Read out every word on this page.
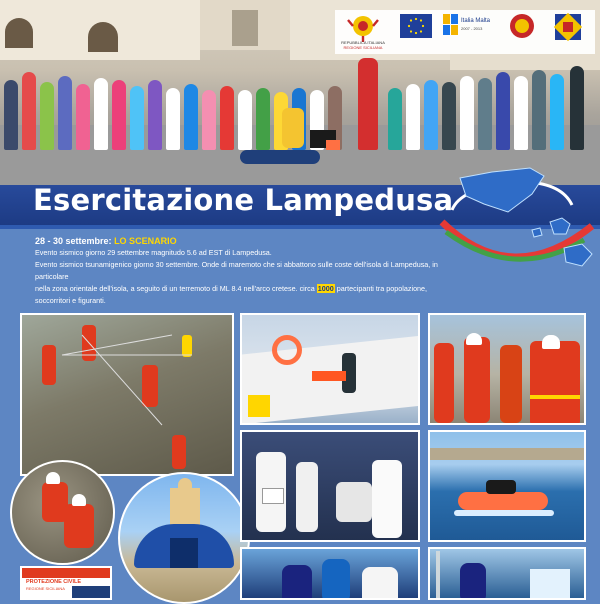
REPUBBLICA ITALIANA
REGIONE SICILIANA
Italia Malta
2007 - 2013
Esercitazione Lampedusa
28 - 30 settembre: LO SCENARIO
Evento sismico giorno 29 settembre magnitudo 5.6 ad EST di Lampedusa.
Evento sismico tsunamigenico giorno 30 settembre. Onde di maremoto che si abbattono sulle coste dell'isola di Lampedusa, in particolare
nella zona orientale dell'isola, a seguito di un terremoto di ML 8.4 nell'arco cretese. circa 1000 partecipanti tra popolazione, soccorritori e figuranti.
PROTEZIONE CIVILE
REGIONE SICILIANA
